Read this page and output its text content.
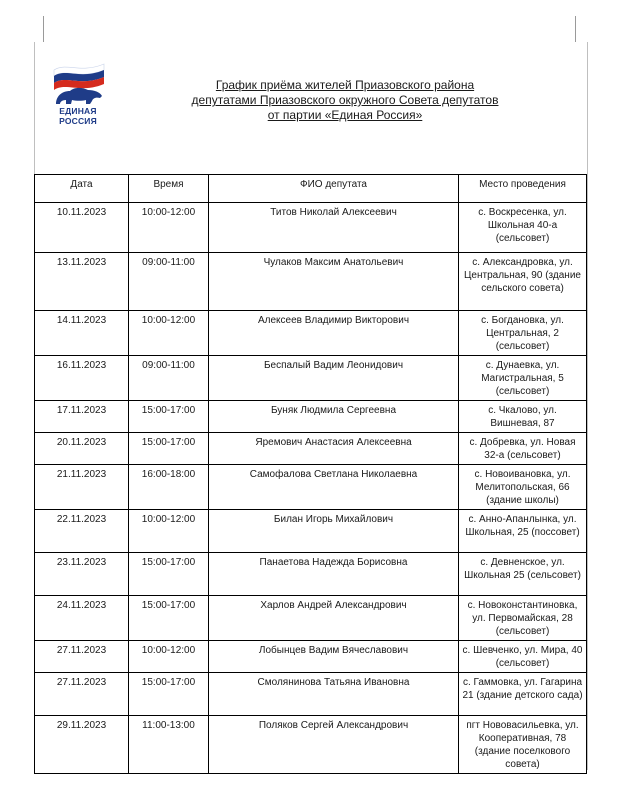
ЕДИНАЯ
РОССИЯ
График приёма жителей Приазовского района
депутатами Приазовского окружного Совета депутатов
от партии «Единая Россия»
Дата	Время	ФИО депутата	Место проведения
10.11.2023	10:00-12:00	Титов Николай Алексеевич	с. Воскресенка, ул. Школьная 40-а (сельсовет)
13.11.2023	09:00-11:00	Чулаков Максим Анатольевич	с. Александровка, ул. Центральная, 90 (здание сельского совета)
14.11.2023	10:00-12:00	Алексеев Владимир Викторович	с. Богдановка, ул. Центральная, 2 (сельсовет)
16.11.2023	09:00-11:00	Беспалый Вадим Леонидович	с. Дунаевка, ул. Магистральная, 5 (сельсовет)
17.11.2023	15:00-17:00	Буняк Людмила Сергеевна	с. Чкалово, ул. Вишневая, 87
20.11.2023	15:00-17:00	Яремович Анастасия Алексеевна	с. Добревка, ул. Новая 32-а (сельсовет)
21.11.2023	16:00-18:00	Самофалова Светлана Николаевна	с. Новоивановка, ул. Мелитопольская, 66 (здание школы)
22.11.2023	10:00-12:00	Билан Игорь Михайлович	с. Анно-Апанлынка, ул. Школьная, 25 (поссовет)
23.11.2023	15:00-17:00	Панаетова Надежда Борисовна	с. Девненское, ул. Школьная 25 (сельсовет)
24.11.2023	15:00-17:00	Харлов Андрей Александрович	с. Новоконстантиновка, ул. Первомайская, 28 (сельсовет)
27.11.2023	10:00-12:00	Лобынцев Вадим Вячеславович	с. Шевченко, ул. Мира, 40 (сельсовет)
27.11.2023	15:00-17:00	Смолянинова Татьяна Ивановна	с. Гаммовка, ул. Гагарина 21 (здание детского сада)
29.11.2023	11:00-13:00	Поляков Сергей Александрович	пгт Нововасильевка, ул. Кооперативная, 78 (здание поселкового совета)
